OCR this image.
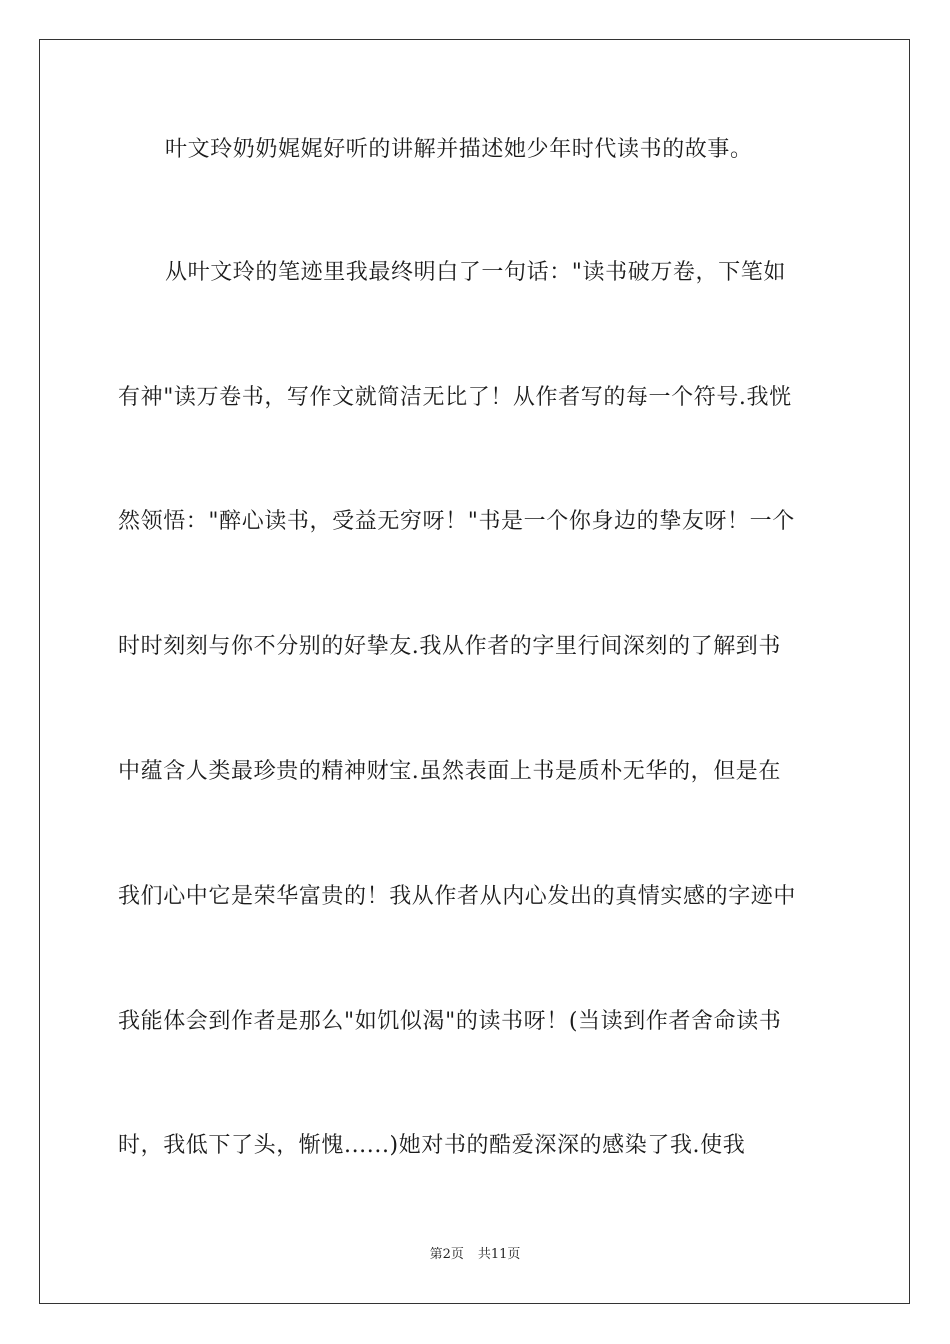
叶文玲奶奶娓娓好听的讲解并描述她少年时代读书的故事。
从叶文玲的笔迹里我最终明白了一句话："读书破万卷，下笔如
有神"读万卷书，写作文就简洁无比了！从作者写的每一个符号.我恍
然领悟："醉心读书，受益无穷呀！"书是一个你身边的挚友呀！一个
时时刻刻与你不分别的好挚友.我从作者的字里行间深刻的了解到书
中蕴含人类最珍贵的精神财宝.虽然表面上书是质朴无华的，但是在
我们心中它是荣华富贵的！我从作者从内心发出的真情实感的字迹中
我能体会到作者是那么"如饥似渴"的读书呀！(当读到作者舍命读书
时，我低下了头，惭愧......)她对书的酷爱深深的感染了我.使我
第2页 共11页
